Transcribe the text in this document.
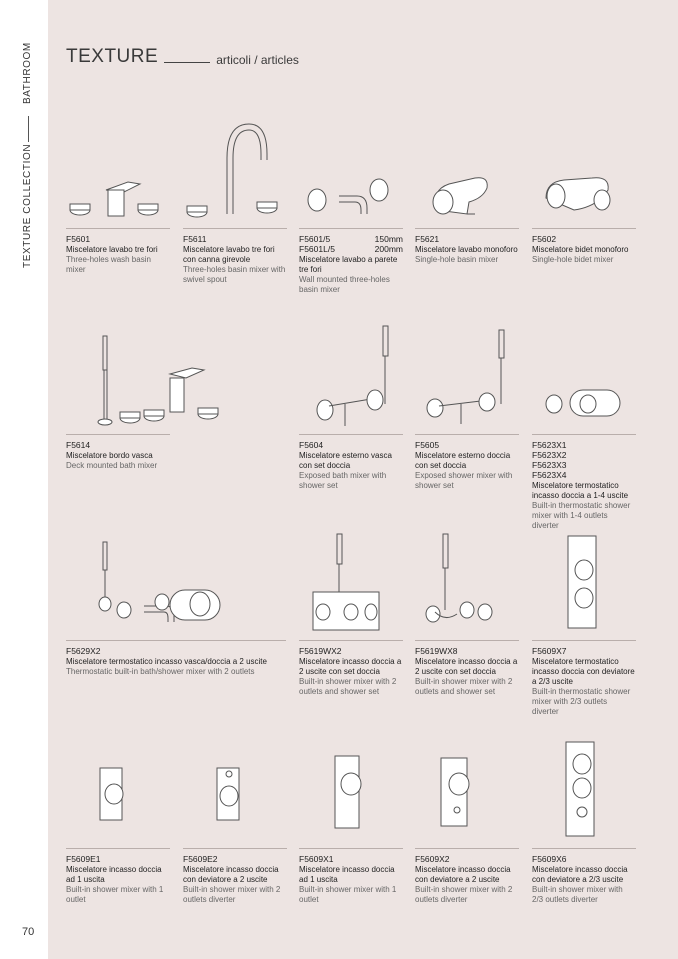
BATHROOM
TEXTURE COLLECTION
70
TEXTURE	articoli / articles
F5601
Miscelatore lavabo tre fori
Three-holes wash basin mixer
F5611
Miscelatore lavabo tre fori con canna girevole
Three-holes basin mixer with swivel spout
F5601/5	150mm
F5601L/5	200mm
Miscelatore lavabo a parete tre fori
Wall mounted three-holes basin mixer
F5621
Miscelatore lavabo monoforo
Single-hole basin mixer
F5602
Miscelatore bidet monoforo
Single-hole bidet mixer
F5614
Miscelatore bordo vasca
Deck mounted bath mixer
F5604
Miscelatore esterno vasca con set doccia
Exposed bath mixer with shower set
F5605
Miscelatore esterno doccia con set doccia
Exposed shower mixer with shower set
F5623X1
F5623X2
F5623X3
F5623X4
Miscelatore termostatico incasso doccia a 1-4 uscite
Built-in thermostatic shower mixer with 1-4 outlets diverter
F5629X2
Miscelatore termostatico incasso vasca/doccia a 2 uscite
Thermostatic built-in bath/shower mixer with 2 outlets
F5619WX2
Miscelatore incasso doccia a 2 uscite con set doccia
Built-in shower mixer with 2 outlets and shower set
F5619WX8
Miscelatore incasso doccia a 2 uscite con set doccia
Built-in shower mixer with 2 outlets and shower set
F5609X7
Miscelatore termostatico incasso doccia con deviatore a 2/3 uscite
Built-in thermostatic shower mixer with 2/3 outlets diverter
F5609E1
Miscelatore incasso doccia ad 1 uscita
Built-in shower mixer with 1 outlet
F5609E2
Miscelatore incasso doccia con deviatore a 2 uscite
Built-in shower mixer with 2 outlets diverter
F5609X1
Miscelatore incasso doccia ad 1 uscita
Built-in shower mixer with 1 outlet
F5609X2
Miscelatore incasso doccia con deviatore a 2 uscite
Built-in shower mixer with 2 outlets diverter
F5609X6
Miscelatore incasso doccia con deviatore a 2/3 uscite
Built-in shower mixer with 2/3 outlets diverter
